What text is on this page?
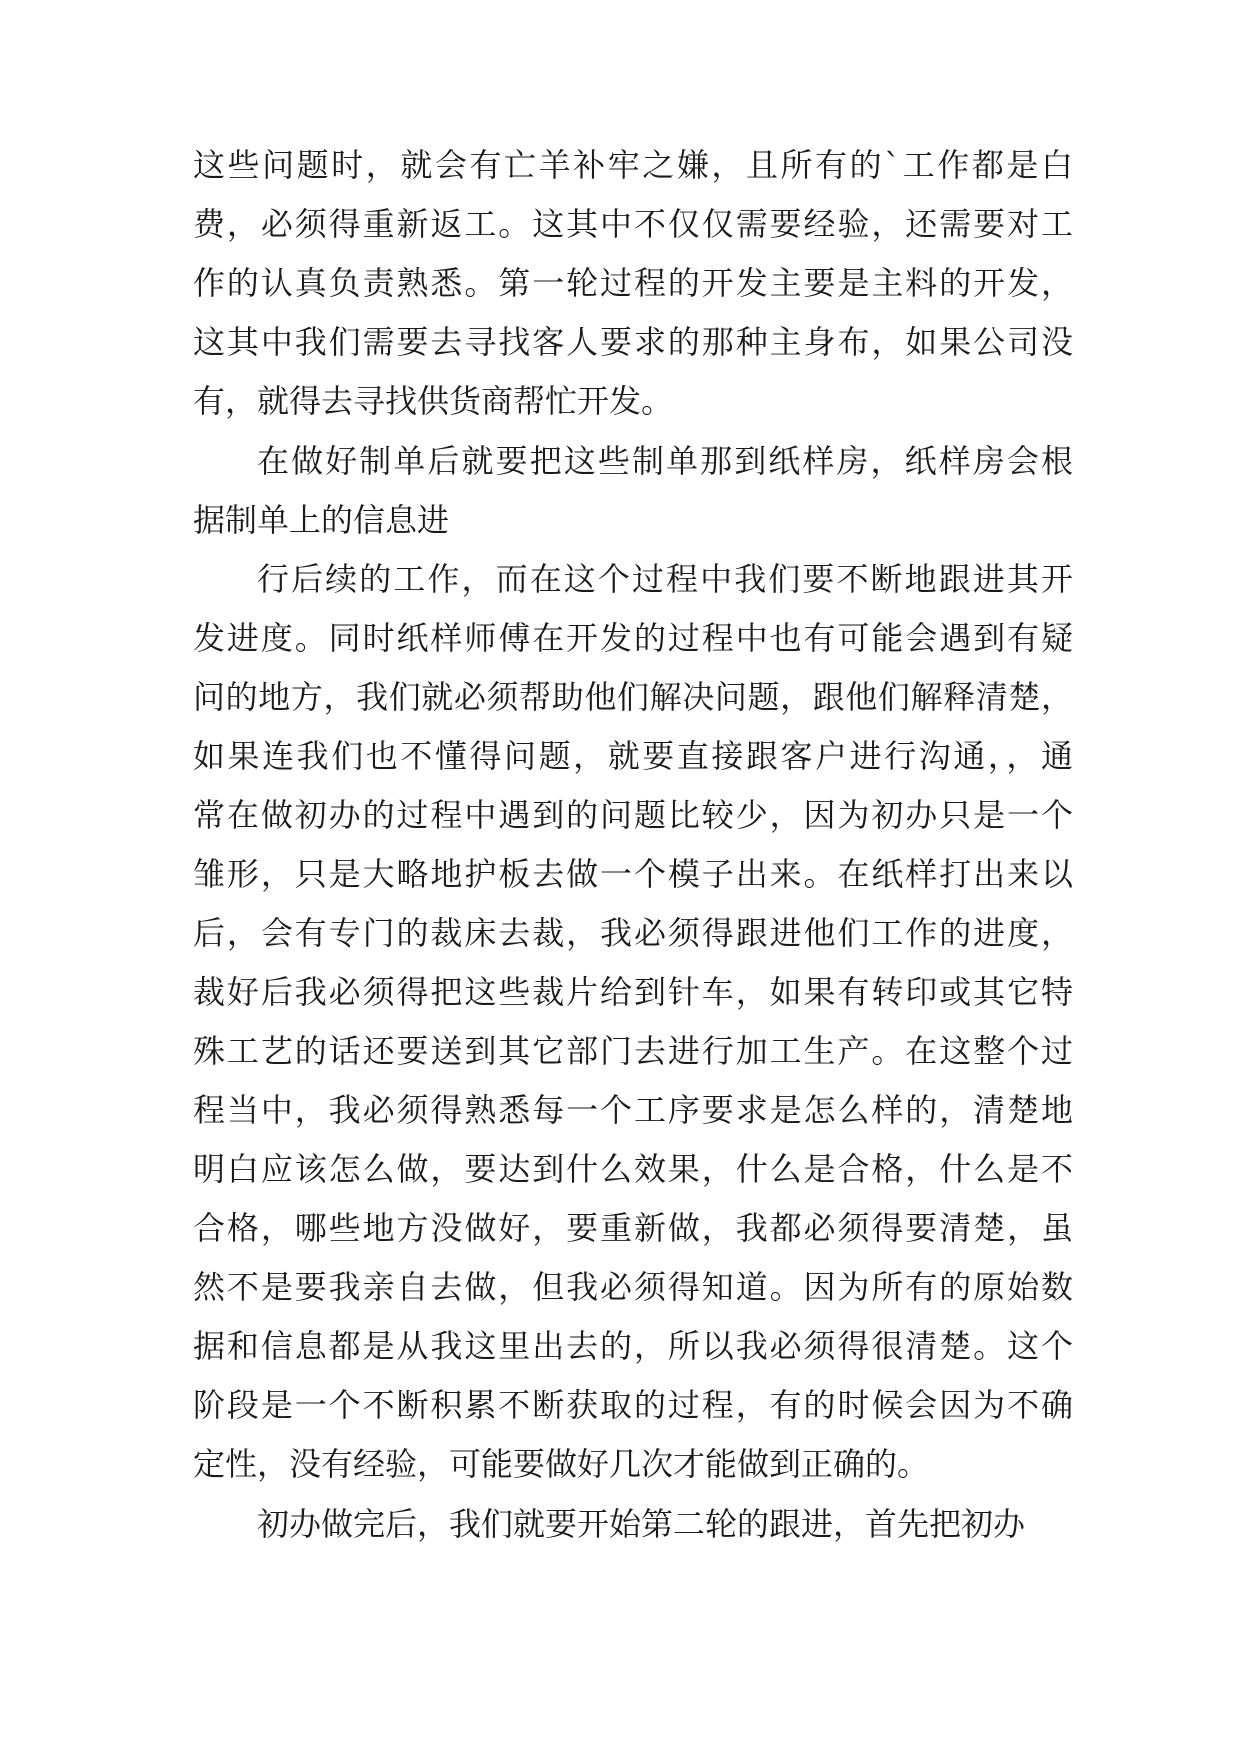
这些问题时，就会有亡羊补牢之嫌，且所有的`工作都是白
费，必须得重新返工。这其中不仅仅需要经验，还需要对工
作的认真负责熟悉。第一轮过程的开发主要是主料的开发，
这其中我们需要去寻找客人要求的那种主身布，如果公司没
有，就得去寻找供货商帮忙开发。
在做好制单后就要把这些制单那到纸样房，纸样房会根
据制单上的信息进
行后续的工作，而在这个过程中我们要不断地跟进其开
发进度。同时纸样师傅在开发的过程中也有可能会遇到有疑
问的地方，我们就必须帮助他们解决问题，跟他们解释清楚，
如果连我们也不懂得问题，就要直接跟客户进行沟通，，通
常在做初办的过程中遇到的问题比较少，因为初办只是一个
雏形，只是大略地护板去做一个模子出来。在纸样打出来以
后，会有专门的裁床去裁，我必须得跟进他们工作的进度，
裁好后我必须得把这些裁片给到针车，如果有转印或其它特
殊工艺的话还要送到其它部门去进行加工生产。在这整个过
程当中，我必须得熟悉每一个工序要求是怎么样的，清楚地
明白应该怎么做，要达到什么效果，什么是合格，什么是不
合格，哪些地方没做好，要重新做，我都必须得要清楚，虽
然不是要我亲自去做，但我必须得知道。因为所有的原始数
据和信息都是从我这里出去的，所以我必须得很清楚。这个
阶段是一个不断积累不断获取的过程，有的时候会因为不确
定性，没有经验，可能要做好几次才能做到正确的。
初办做完后，我们就要开始第二轮的跟进，首先把初办
